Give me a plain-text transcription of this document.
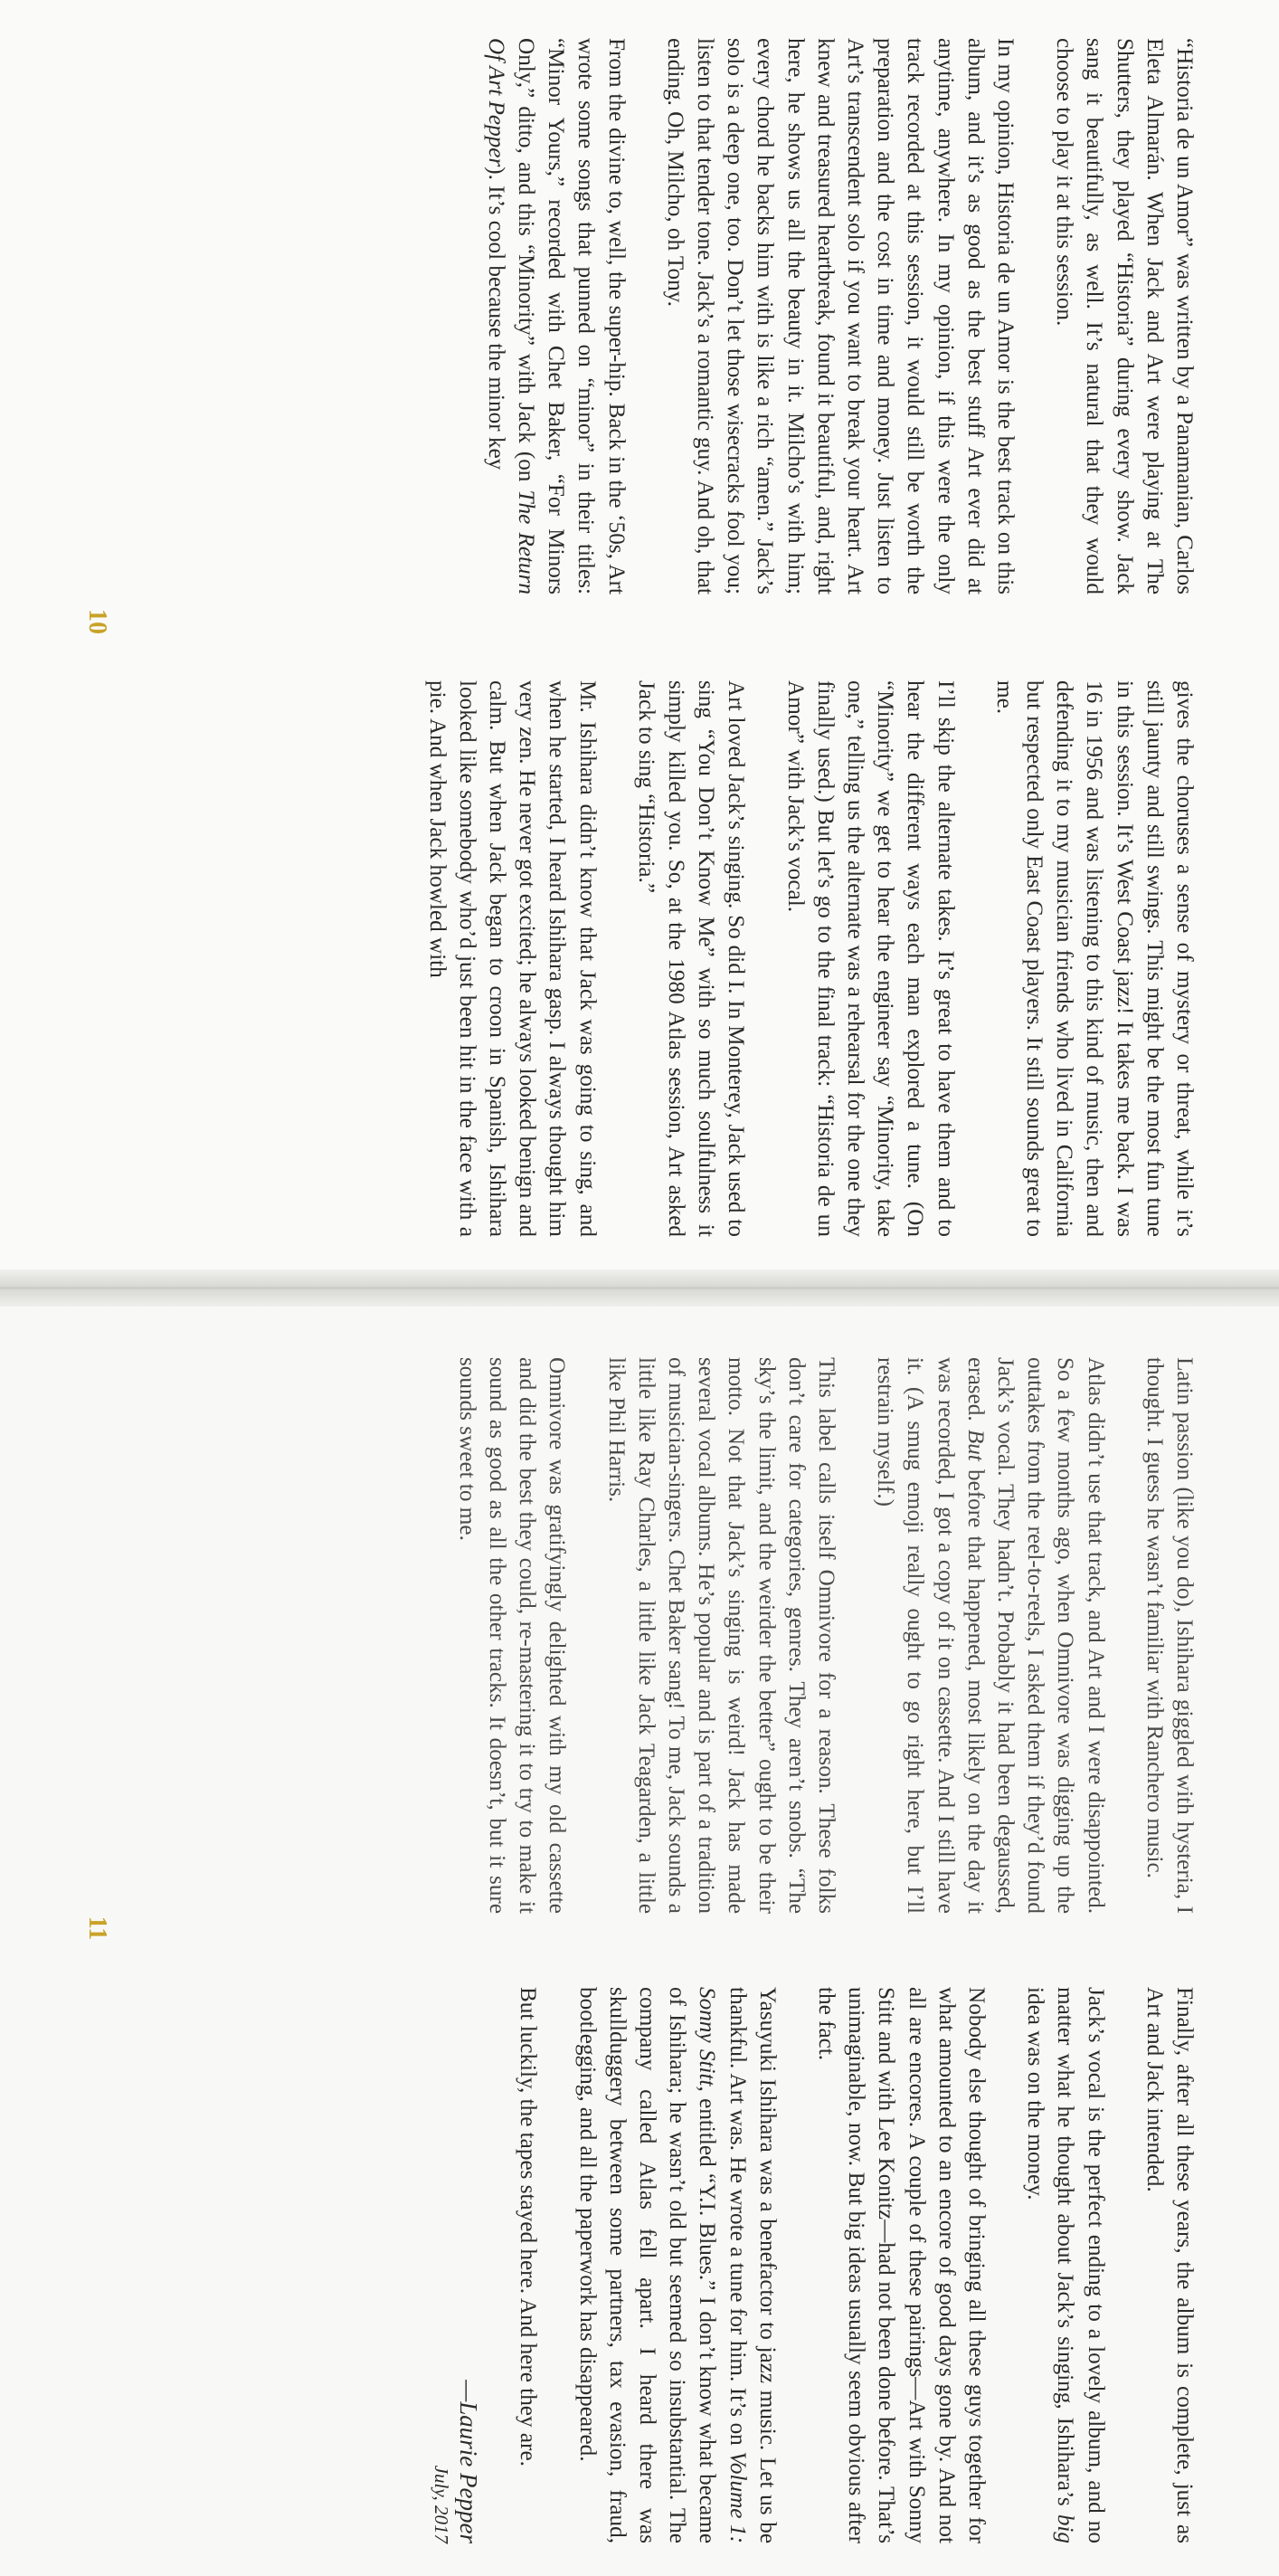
“Historia de un Amor” was written by a Panamanian, Carlos Eleta Almarán. When Jack and Art were playing at The Shutters, they played “Historia” during every show. Jack sang it beautifully, as well. It’s natural that they would choose to play it at this session.

In my opinion, Historia de un Amor is the best track on this album, and it’s as good as the best stuff Art ever did at anytime, anywhere. In my opinion, if this were the only track recorded at this session, it would still be worth the preparation and the cost in time and money. Just listen to Art’s transcendent solo if you want to break your heart. Art knew and treasured heartbreak, found it beautiful, and, right here, he shows us all the beauty in it. Milcho’s with him; every chord he backs him with is like a rich “amen.” Jack’s solo is a deep one, too. Don’t let those wisecracks fool you; listen to that tender tone. Jack’s a romantic guy. And oh, that ending. Oh, Milcho, oh Tony.

From the divine to, well, the super-hip. Back in the ‘50s, Art wrote some songs that punned on “minor” in their titles: “Minor Yours,” recorded with Chet Baker, “For Minors Only,” ditto, and this “Minority” with Jack (on The Return Of Art Pepper). It’s cool because the minor key

gives the choruses a sense of mystery or threat, while it’s still jaunty and still swings. This might be the most fun tune in this session. It’s West Coast jazz! It takes me back. I was 16 in 1956 and was listening to this kind of music, then and defending it to my musician friends who lived in California but respected only East Coast players. It still sounds great to me.

I’ll skip the alternate takes. It’s great to have them and to hear the different ways each man explored a tune. (On “Minority” we get to hear the engineer say “Minority, take one,” telling us the alternate was a rehearsal for the one they finally used.) But let’s go to the final track: “Historia de un Amor” with Jack’s vocal.

Art loved Jack’s singing. So did I. In Monterey, Jack used to sing “You Don’t Know Me” with so much soulfulness it simply killed you. So, at the 1980 Atlas session, Art asked Jack to sing “Historia.”

Mr. Ishihara didn’t know that Jack was going to sing, and when he started, I heard Ishihara gasp. I always thought him very zen. He never got excited; he always looked benign and calm. But when Jack began to croon in Spanish, Ishihara looked like somebody who’d just been hit in the face with a pie. And when Jack howled with

10

Latin passion (like you do), Ishihara giggled with hysteria, I thought. I guess he wasn’t familiar with Ranchero music.

Atlas didn’t use that track, and Art and I were disappointed. So a few months ago, when Omnivore was digging up the outtakes from the reel-to-reels, I asked them if they’d found Jack’s vocal. They hadn’t. Probably it had been degaussed, erased. But before that happened, most likely on the day it was recorded, I got a copy of it on cassette. And I still have it. (A smug emoji really ought to go right here, but I’ll restrain myself.)

This label calls itself Omnivore for a reason. These folks don’t care for categories, genres. They aren’t snobs. “The sky’s the limit, and the weirder the better” ought to be their motto. Not that Jack’s singing is weird! Jack has made several vocal albums. He’s popular and is part of a tradition of musician-singers. Chet Baker sang! To me, Jack sounds a little like Ray Charles, a little like Jack Teagarden, a little like Phil Harris.

Omnivore was gratifyingly delighted with my old cassette and did the best they could, re-mastering it to try to make it sound as good as all the other tracks. It doesn’t, but it sure sounds sweet to me.

Finally, after all these years, the album is complete, just as Art and Jack intended.

Jack’s vocal is the perfect ending to a lovely album, and no matter what he thought about Jack’s singing, Ishihara’s big idea was on the money.

Nobody else thought of bringing all these guys together for what amounted to an encore of good days gone by. And not all are encores. A couple of these pairings—Art with Sonny Stitt and with Lee Konitz—had not been done before. That’s unimaginable, now. But big ideas usually seem obvious after the fact.

Yasuyuki Ishihara was a benefactor to jazz music. Let us be thankful. Art was. He wrote a tune for him. It’s on Volume 1: Sonny Stitt, entitled “Y.I. Blues.” I don’t know what became of Ishihara; he wasn’t old but seemed so insubstantial. The company called Atlas fell apart. I heard there was skullduggery between some partners, tax evasion, fraud, bootlegging, and all the paperwork has disappeared.

But luckily, the tapes stayed here. And here they are.

—Laurie Pepper
July, 2017
11
